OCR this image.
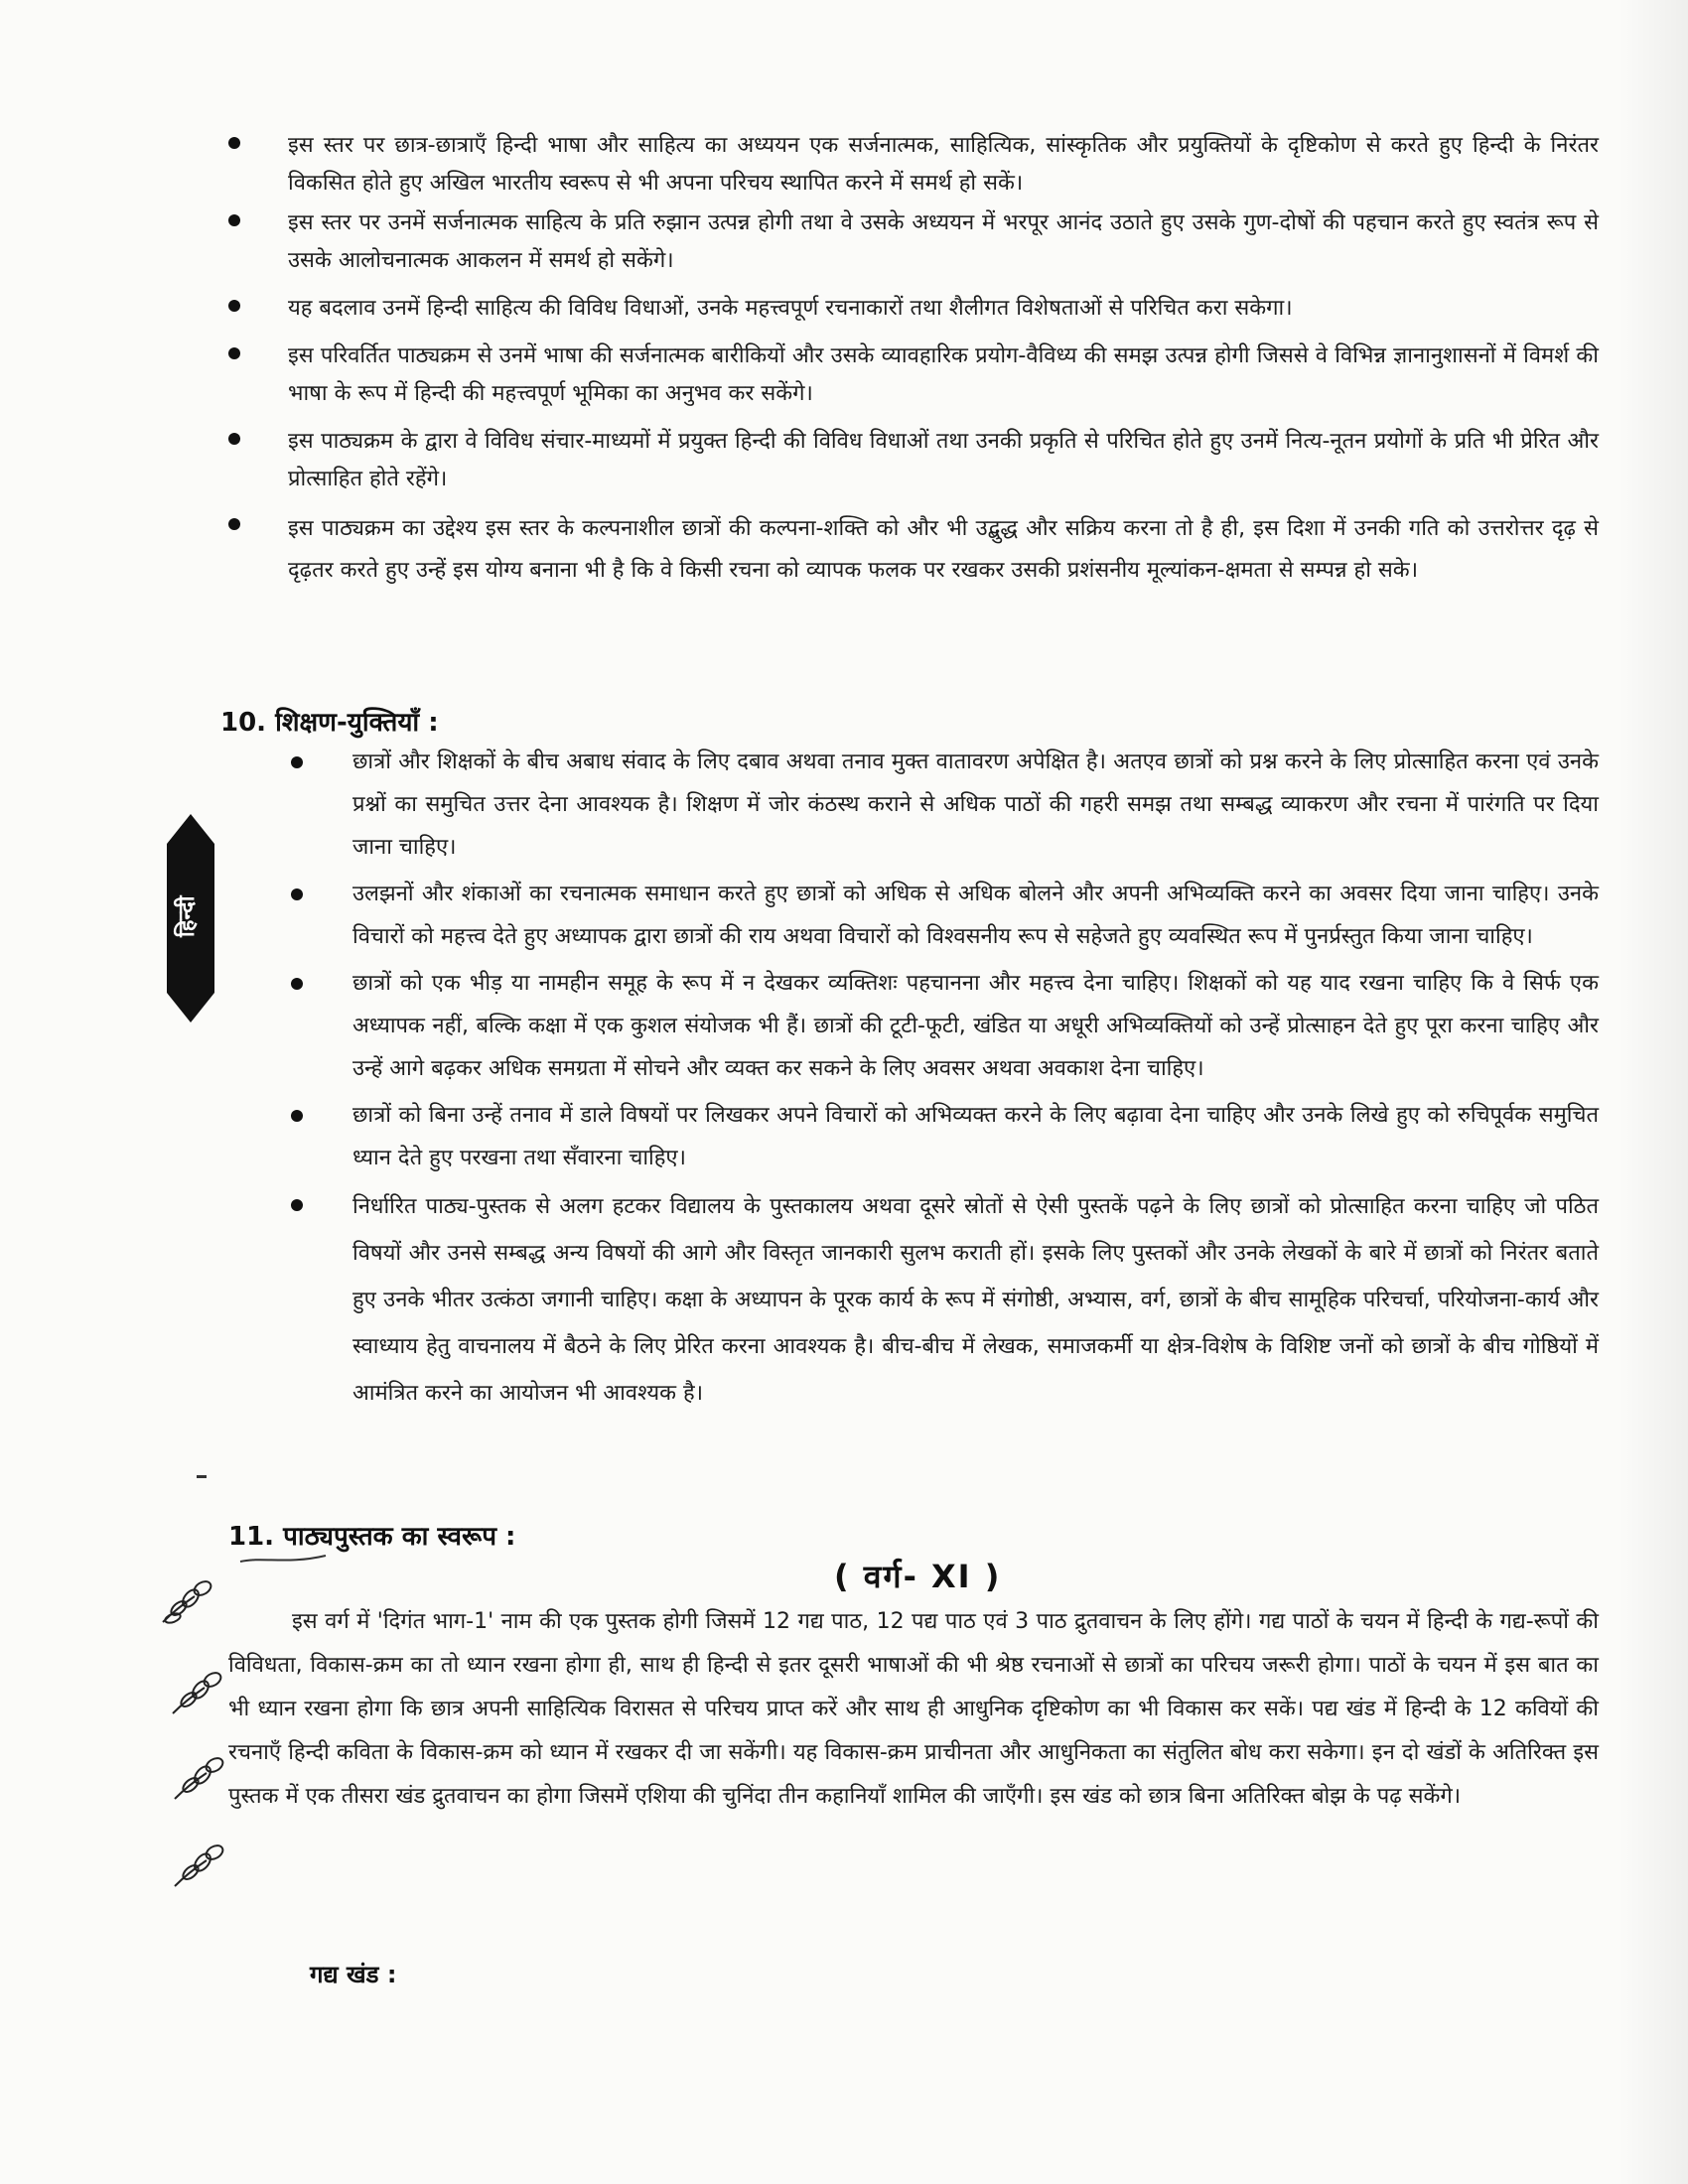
इस स्तर पर छात्र-छात्राएँ हिन्दी भाषा और साहित्य का अध्ययन एक सर्जनात्मक, साहित्यिक, सांस्कृतिक और प्रयुक्तियों के दृष्टिकोण से करते हुए हिन्दी के निरंतर विकसित होते हुए अखिल भारतीय स्वरूप से भी अपना परिचय स्थापित करने में समर्थ हो सकें।
इस स्तर पर उनमें सर्जनात्मक साहित्य के प्रति रुझान उत्पन्न होगी तथा वे उसके अध्ययन में भरपूर आनंद उठाते हुए उसके गुण-दोषों की पहचान करते हुए स्वतंत्र रूप से उसके आलोचनात्मक आकलन में समर्थ हो सकेंगे।
यह बदलाव उनमें हिन्दी साहित्य की विविध विधाओं, उनके महत्त्वपूर्ण रचनाकारों तथा शैलीगत विशेषताओं से परिचित करा सकेगा।
इस परिवर्तित पाठ्यक्रम से उनमें भाषा की सर्जनात्मक बारीकियों और उसके व्यावहारिक प्रयोग-वैविध्य की समझ उत्पन्न होगी जिससे वे विभिन्न ज्ञानानुशासनों में विमर्श की भाषा के रूप में हिन्दी की महत्त्वपूर्ण भूमिका का अनुभव कर सकेंगे।
इस पाठ्यक्रम के द्वारा वे विविध संचार-माध्यमों में प्रयुक्त हिन्दी की विविध विधाओं तथा उनकी प्रकृति से परिचित होते हुए उनमें नित्य-नूतन प्रयोगों के प्रति भी प्रेरित और प्रोत्साहित होते रहेंगे।
इस पाठ्यक्रम का उद्देश्य इस स्तर के कल्पनाशील छात्रों की कल्पना-शक्ति को और भी उद्बुद्ध और सक्रिय करना तो है ही, इस दिशा में उनकी गति को उत्तरोत्तर दृढ़ से दृढ़तर करते हुए उन्हें इस योग्य बनाना भी है कि वे किसी रचना को व्यापक फलक पर रखकर उसकी प्रशंसनीय मूल्यांकन-क्षमता से सम्पन्न हो सके।
10. शिक्षण-युक्तियाँ :
छात्रों और शिक्षकों के बीच अबाध संवाद के लिए दबाव अथवा तनाव मुक्त वातावरण अपेक्षित है। अतएव छात्रों को प्रश्न करने के लिए प्रोत्साहित करना एवं उनके प्रश्नों का समुचित उत्तर देना आवश्यक है। शिक्षण में जोर कंठस्थ कराने से अधिक पाठों की गहरी समझ तथा सम्बद्ध व्याकरण और रचना में पारंगति पर दिया जाना चाहिए।
उलझनों और शंकाओं का रचनात्मक समाधान करते हुए छात्रों को अधिक से अधिक बोलने और अपनी अभिव्यक्ति करने का अवसर दिया जाना चाहिए। उनके विचारों को महत्त्व देते हुए अध्यापक द्वारा छात्रों की राय अथवा विचारों को विश्वसनीय रूप से सहेजते हुए व्यवस्थित रूप में पुनर्प्रस्तुत किया जाना चाहिए।
छात्रों को एक भीड़ या नामहीन समूह के रूप में न देखकर व्यक्तिशः पहचानना और महत्त्व देना चाहिए। शिक्षकों को यह याद रखना चाहिए कि वे सिर्फ एक अध्यापक नहीं, बल्कि कक्षा में एक कुशल संयोजक भी हैं। छात्रों की टूटी-फूटी, खंडित या अधूरी अभिव्यक्तियों को उन्हें प्रोत्साहन देते हुए पूरा करना चाहिए और उन्हें आगे बढ़कर अधिक समग्रता में सोचने और व्यक्त कर सकने के लिए अवसर अथवा अवकाश देना चाहिए।
छात्रों को बिना उन्हें तनाव में डाले विषयों पर लिखकर अपने विचारों को अभिव्यक्त करने के लिए बढ़ावा देना चाहिए और उनके लिखे हुए को रुचिपूर्वक समुचित ध्यान देते हुए परखना तथा सँवारना चाहिए।
निर्धारित पाठ्य-पुस्तक से अलग हटकर विद्यालय के पुस्तकालय अथवा दूसरे स्रोतों से ऐसी पुस्तकें पढ़ने के लिए छात्रों को प्रोत्साहित करना चाहिए जो पठित विषयों और उनसे सम्बद्ध अन्य विषयों की आगे और विस्तृत जानकारी सुलभ कराती हों। इसके लिए पुस्तकों और उनके लेखकों के बारे में छात्रों को निरंतर बताते हुए उनके भीतर उत्कंठा जगानी चाहिए। कक्षा के अध्यापन के पूरक कार्य के रूप में संगोष्ठी, अभ्यास, वर्ग, छात्रों के बीच सामूहिक परिचर्चा, परियोजना-कार्य और स्वाध्याय हेतु वाचनालय में बैठने के लिए प्रेरित करना आवश्यक है। बीच-बीच में लेखक, समाजकर्मी या क्षेत्र-विशेष के विशिष्ट जनों को छात्रों के बीच गोष्ठियों में आमंत्रित करने का आयोजन भी आवश्यक है।
हिन्दी
11. पाठ्यपुस्तक का स्वरूप :
( वर्ग- XI )

इस वर्ग में 'दिगंत भाग-1' नाम की एक पुस्तक होगी जिसमें 12 गद्य पाठ, 12 पद्य पाठ एवं 3 पाठ द्रुतवाचन के लिए होंगे। गद्य पाठों के चयन में हिन्दी के गद्य-रूपों की विविधता, विकास-क्रम का तो ध्यान रखना होगा ही, साथ ही हिन्दी से इतर दूसरी भाषाओं की भी श्रेष्ठ रचनाओं से छात्रों का परिचय जरूरी होगा। पाठों के चयन में इस बात का भी ध्यान रखना होगा कि छात्र अपनी साहित्यिक विरासत से परिचय प्राप्त करें और साथ ही आधुनिक दृष्टिकोण का भी विकास कर सकें। पद्य खंड में हिन्दी के 12 कवियों की रचनाएँ हिन्दी कविता के विकास-क्रम को ध्यान में रखकर दी जा सकेंगी। यह विकास-क्रम प्राचीनता और आधुनिकता का संतुलित बोध करा सकेगा। इन दो खंडों के अतिरिक्त इस पुस्तक में एक तीसरा खंड द्रुतवाचन का होगा जिसमें एशिया की चुनिंदा तीन कहानियाँ शामिल की जाएँगी। इस खंड को छात्र बिना अतिरिक्त बोझ के पढ़ सकेंगे।

गद्य खंड :
